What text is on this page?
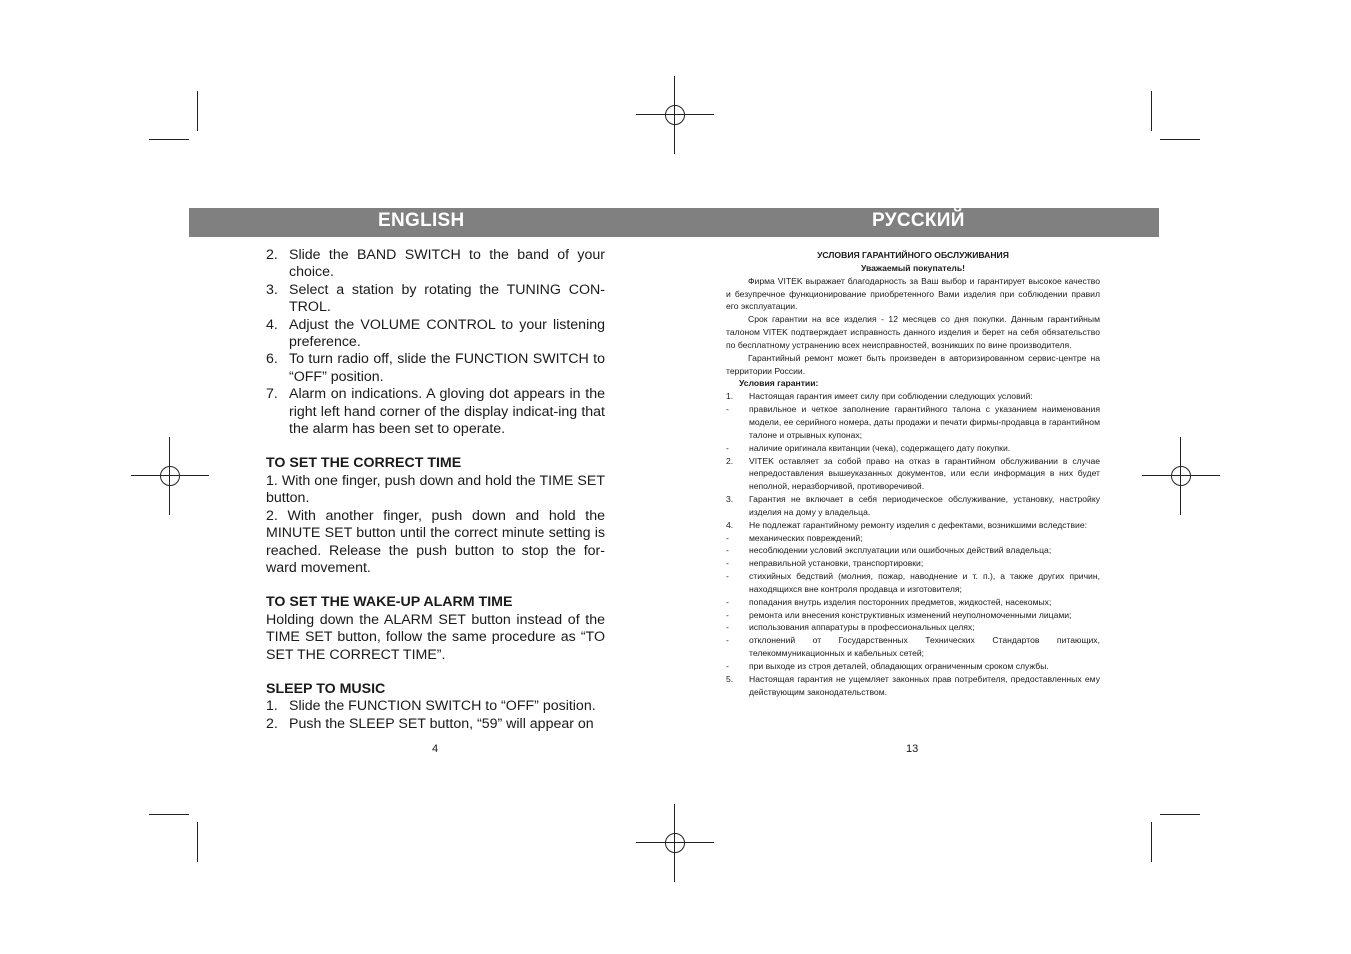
ENGLISH	РУССКИЙ
2. Slide the BAND SWITCH to the band of your choice.
3. Select a station by rotating the TUNING CON-TROL.
4. Adjust the VOLUME CONTROL to your listening preference.
6. To turn radio off, slide the FUNCTION SWITCH to “OFF” position.
7. Alarm on indications. A gloving dot appears in the right left hand corner of the display indicat-ing that the alarm has been set to operate.
TO SET THE CORRECT TIME

1. With one finger, push down and hold the TIME SET button.

2. With another finger, push down and hold the MINUTE SET button until the correct minute setting is reached. Release the push button to stop the for-ward movement.

TO SET THE WAKE-UP ALARM TIME

Holding down the ALARM SET button instead of the TIME SET button, follow the same procedure as “TO SET THE CORRECT TIME”.

SLEEP TO MUSIC
1. Slide the FUNCTION SWITCH to “OFF” position.
2. Push the SLEEP SET button, “59” will appear on
УСЛОВИЯ ГАРАНТИЙНОГО ОБСЛУЖИВАНИЯ
Уважаемый покупатель!

Фирма VITEK выражает благодарность за Ваш выбор и гарантирует высокое качество и безупречное функционирование приобретенного Вами изделия при соблюдении правил его эксплуатации.

Срок гарантии на все изделия - 12 месяцев со дня покупки. Данным гарантийным талоном VITEK подтверждает исправность данного изделия и берет на себя обязательство по бесплатному устранению всех неисправностей, возникших по вине производителя.

Гарантийный ремонт может быть произведен в авторизированном сервис-центре на территории России.

Условия гарантии:
1.	Настоящая гарантия имеет силу при соблюдении следующих условий:
-	правильное и четкое заполнение гарантийного талона с указанием наименования модели, ее серийного номера, даты продажи и печати фирмы-продавца в гарантийном талоне и отрывных купонах;
-	наличие оригинала квитанции (чека), содержащего дату покупки.
2.	VITEK оставляет за собой право на отказ в гарантийном обслуживании в случае непредоставления вышеуказанных документов, или если информация в них будет неполной, неразборчивой, противоречивой.
3.	Гарантия не включает в себя периодическое обслуживание, установку, настройку изделия на дому у владельца.
4.	Не подлежат гарантийному ремонту изделия с дефектами, возникшими вследствие:
-	механических повреждений;
-	несоблюдении условий эксплуатации или ошибочных действий владельца;
-	неправильной установки, транспортировки;
-	стихийных бедствий (молния, пожар, наводнение и т. п.), а также других причин, находящихся вне контроля продавца и изготовителя;
-	попадания внутрь изделия посторонних предметов, жидкостей, насекомых;
-	ремонта или внесения конструктивных изменений неуполномоченными лицами;
-	использования аппаратуры в профессиональных целях;
-	отклонений от Государственных Технических Стандартов питающих, телекоммуникационных и кабельных сетей;
-	при выходе из строя деталей, обладающих ограниченным сроком службы.
5.	Настоящая гарантия не ущемляет законных прав потребителя, предоставленных ему действующим законодательством.
4	13
